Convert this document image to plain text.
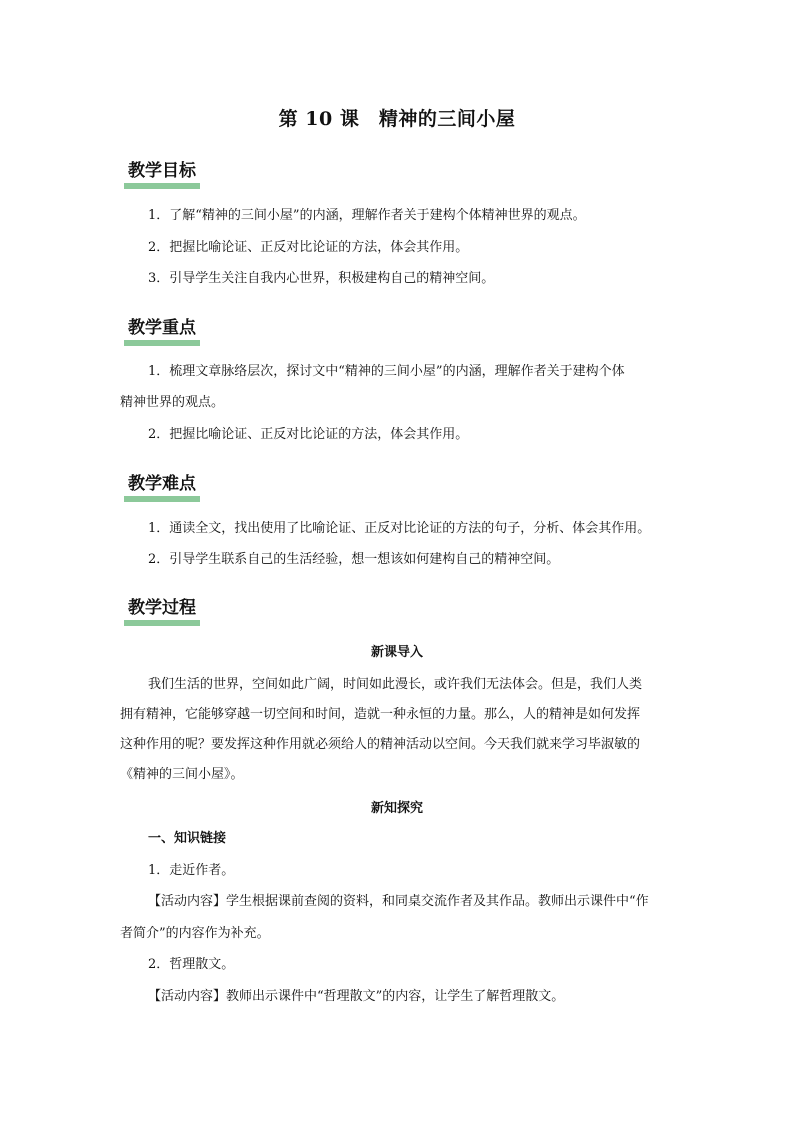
第 10 课　精神的三间小屋
教学目标
1．了解“精神的三间小屋”的内涵，理解作者关于建构个体精神世界的观点。
2．把握比喻论证、正反对比论证的方法，体会其作用。
3．引导学生关注自我内心世界，积极建构自己的精神空间。
教学重点
1．梳理文章脉络层次，探讨文中“精神的三间小屋”的内涵，理解作者关于建构个体
精神世界的观点。
2．把握比喻论证、正反对比论证的方法，体会其作用。
教学难点
1．通读全文，找出使用了比喻论证、正反对比论证的方法的句子，分析、体会其作用。
2．引导学生联系自己的生活经验，想一想该如何建构自己的精神空间。
教学过程
新课导入
我们生活的世界，空间如此广阔，时间如此漫长，或许我们无法体会。但是，我们人类
拥有精神，它能够穿越一切空间和时间，造就一种永恒的力量。那么，人的精神是如何发挥
这种作用的呢？要发挥这种作用就必须给人的精神活动以空间。今天我们就来学习毕淑敏的
《精神的三间小屋》。
新知探究
一、知识链接
1．走近作者。
【活动内容】学生根据课前查阅的资料，和同桌交流作者及其作品。教师出示课件中“作
者简介”的内容作为补充。
2．哲理散文。
【活动内容】教师出示课件中“哲理散文”的内容，让学生了解哲理散文。
